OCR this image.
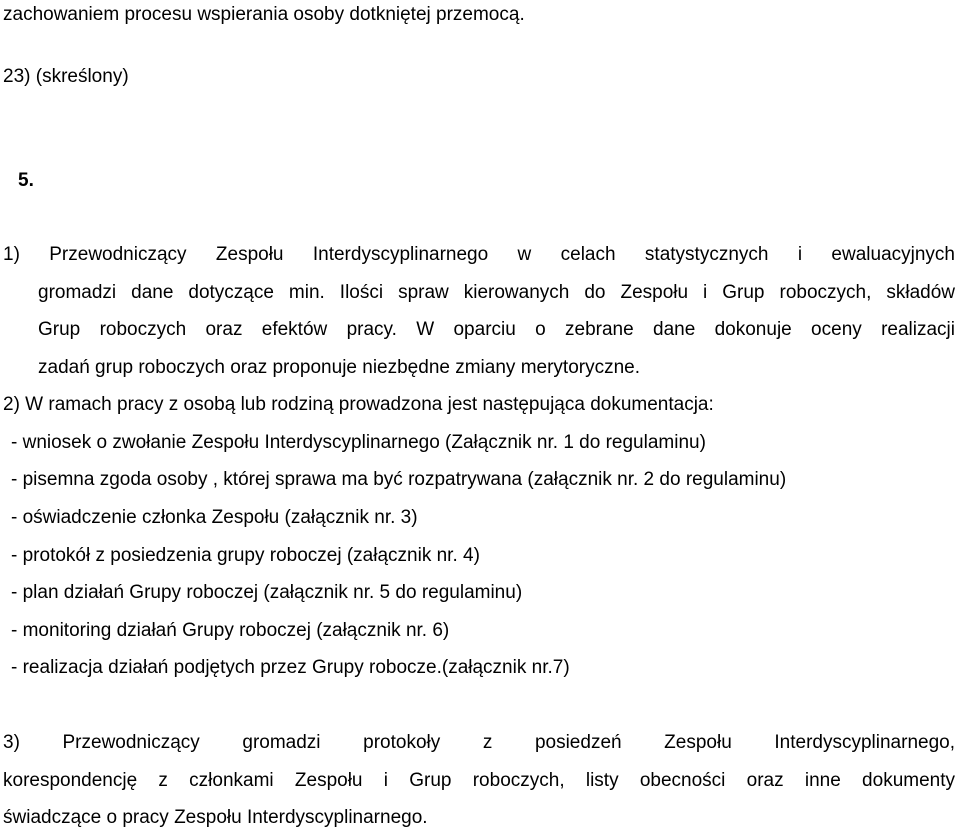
zachowaniem procesu wspierania osoby dotkniętej przemocą.
23) (skreślony)
5.
1) Przewodniczący Zespołu Interdyscyplinarnego w celach statystycznych i ewaluacyjnych
gromadzi dane dotyczące min. Ilości spraw kierowanych do Zespołu i Grup roboczych, składów
Grup roboczych oraz efektów pracy. W oparciu o zebrane dane dokonuje oceny realizacji
zadań grup roboczych oraz proponuje niezbędne zmiany merytoryczne.
2) W ramach pracy z osobą lub rodziną prowadzona jest następująca dokumentacja:
- wniosek o zwołanie Zespołu Interdyscyplinarnego (Załącznik nr. 1 do regulaminu)
- pisemna zgoda osoby , której sprawa ma być rozpatrywana (załącznik nr. 2 do regulaminu)
- oświadczenie członka Zespołu (załącznik nr. 3)
- protokół z posiedzenia grupy roboczej (załącznik nr. 4)
- plan działań Grupy roboczej (załącznik nr. 5 do regulaminu)
- monitoring działań Grupy roboczej (załącznik nr. 6)
- realizacja działań podjętych przez Grupy robocze.(załącznik nr.7)
3) Przewodniczący gromadzi protokoły z posiedzeń Zespołu Interdyscyplinarnego,
korespondencję z członkami Zespołu i Grup roboczych, listy obecności oraz inne dokumenty
świadczące o pracy Zespołu Interdyscyplinarnego.
